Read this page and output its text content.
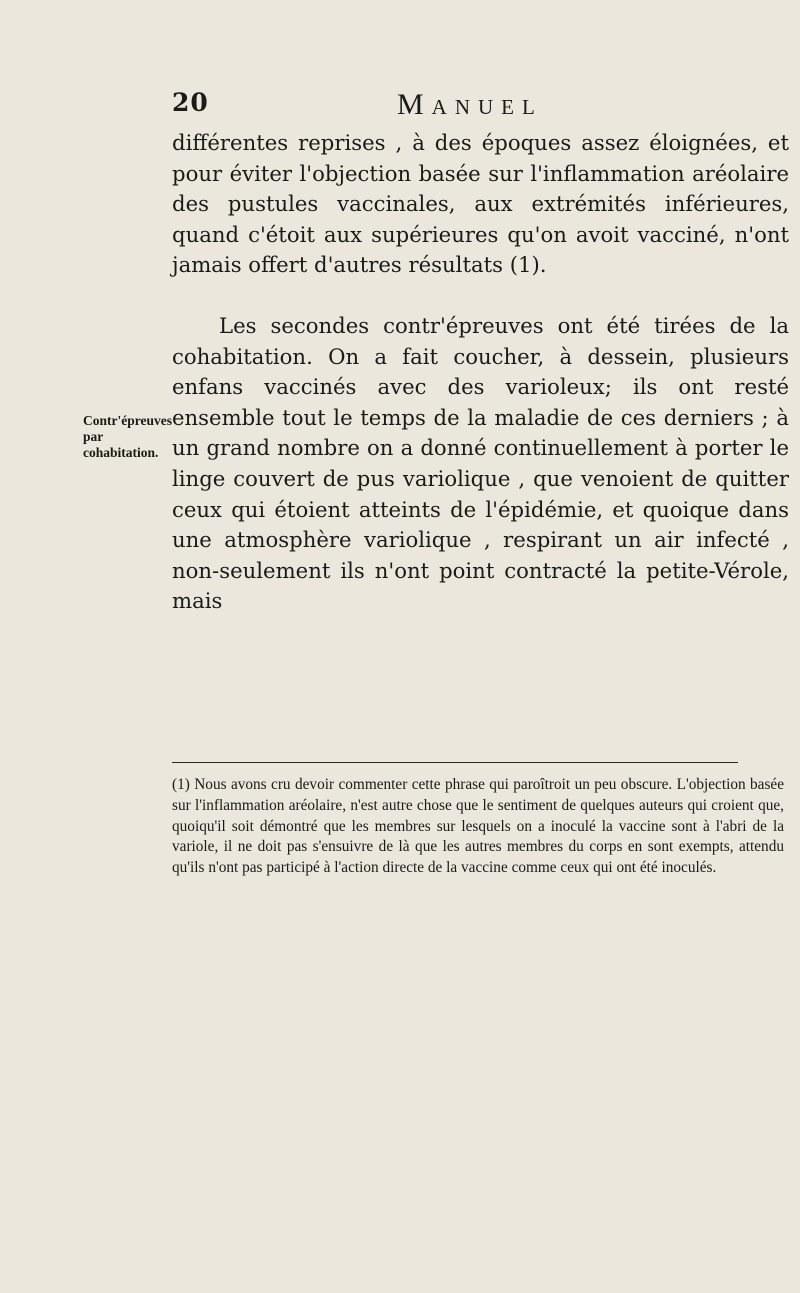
20	Manuel
Contr'épreuves par cohabitation.

différentes reprises , à des époques assez éloignées, et pour éviter l'objection basée sur l'inflammation aréolaire des pustules vaccinales, aux extrémités inférieures, quand c'étoit aux supérieures qu'on avoit vacciné, n'ont jamais offert d'autres résultats (1).

Les secondes contr'épreuves ont été tirées de la cohabitation. On a fait coucher, à dessein, plusieurs enfans vaccinés avec des varioleux; ils ont resté ensemble tout le temps de la maladie de ces derniers ; à un grand nombre on a donné continuellement à porter le linge couvert de pus variolique , que venoient de quitter ceux qui étoient atteints de l'épidémie, et quoique dans une atmosphère variolique , respirant un air infecté , non-seulement ils n'ont point contracté la petite-Vérole, mais

(1) Nous avons cru devoir commenter cette phrase qui paroîtroit un peu obscure. L'objection basée sur l'inflammation aréolaire, n'est autre chose que le sentiment de quelques auteurs qui croient que, quoiqu'il soit démontré que les membres sur lesquels on a inoculé la vaccine sont à l'abri de la variole, il ne doit pas s'ensuivre de là que les autres membres du corps en sont exempts, attendu qu'ils n'ont pas participé à l'action directe de la vaccine comme ceux qui ont été inoculés.
